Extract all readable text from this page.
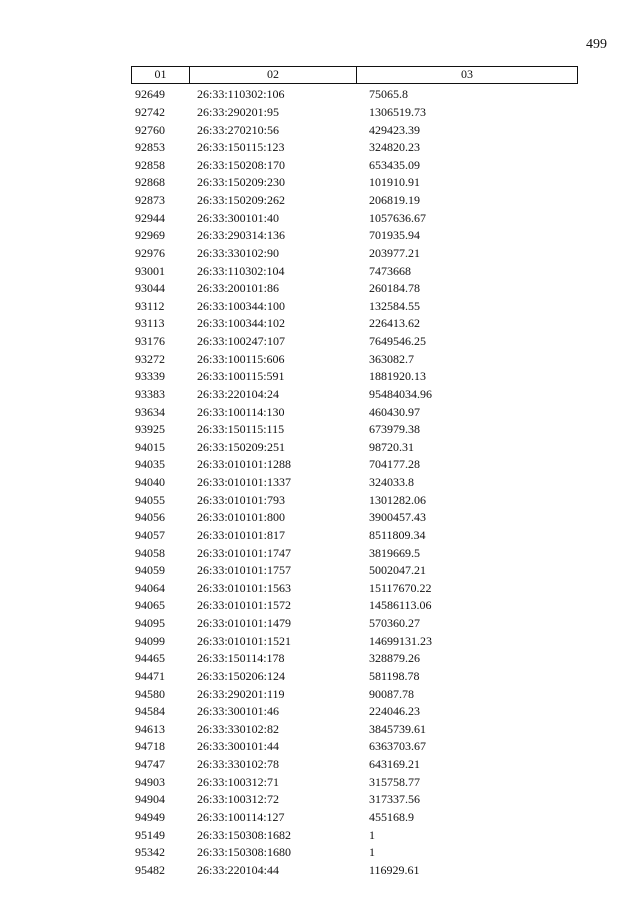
499
01	02	03
92649	26:33:110302:106	75065.8
92742	26:33:290201:95	1306519.73
92760	26:33:270210:56	429423.39
92853	26:33:150115:123	324820.23
92858	26:33:150208:170	653435.09
92868	26:33:150209:230	101910.91
92873	26:33:150209:262	206819.19
92944	26:33:300101:40	1057636.67
92969	26:33:290314:136	701935.94
92976	26:33:330102:90	203977.21
93001	26:33:110302:104	7473668
93044	26:33:200101:86	260184.78
93112	26:33:100344:100	132584.55
93113	26:33:100344:102	226413.62
93176	26:33:100247:107	7649546.25
93272	26:33:100115:606	363082.7
93339	26:33:100115:591	1881920.13
93383	26:33:220104:24	95484034.96
93634	26:33:100114:130	460430.97
93925	26:33:150115:115	673979.38
94015	26:33:150209:251	98720.31
94035	26:33:010101:1288	704177.28
94040	26:33:010101:1337	324033.8
94055	26:33:010101:793	1301282.06
94056	26:33:010101:800	3900457.43
94057	26:33:010101:817	8511809.34
94058	26:33:010101:1747	3819669.5
94059	26:33:010101:1757	5002047.21
94064	26:33:010101:1563	15117670.22
94065	26:33:010101:1572	14586113.06
94095	26:33:010101:1479	570360.27
94099	26:33:010101:1521	14699131.23
94465	26:33:150114:178	328879.26
94471	26:33:150206:124	581198.78
94580	26:33:290201:119	90087.78
94584	26:33:300101:46	224046.23
94613	26:33:330102:82	3845739.61
94718	26:33:300101:44	6363703.67
94747	26:33:330102:78	643169.21
94903	26:33:100312:71	315758.77
94904	26:33:100312:72	317337.56
94949	26:33:100114:127	455168.9
95149	26:33:150308:1682	1
95342	26:33:150308:1680	1
95482	26:33:220104:44	116929.61
